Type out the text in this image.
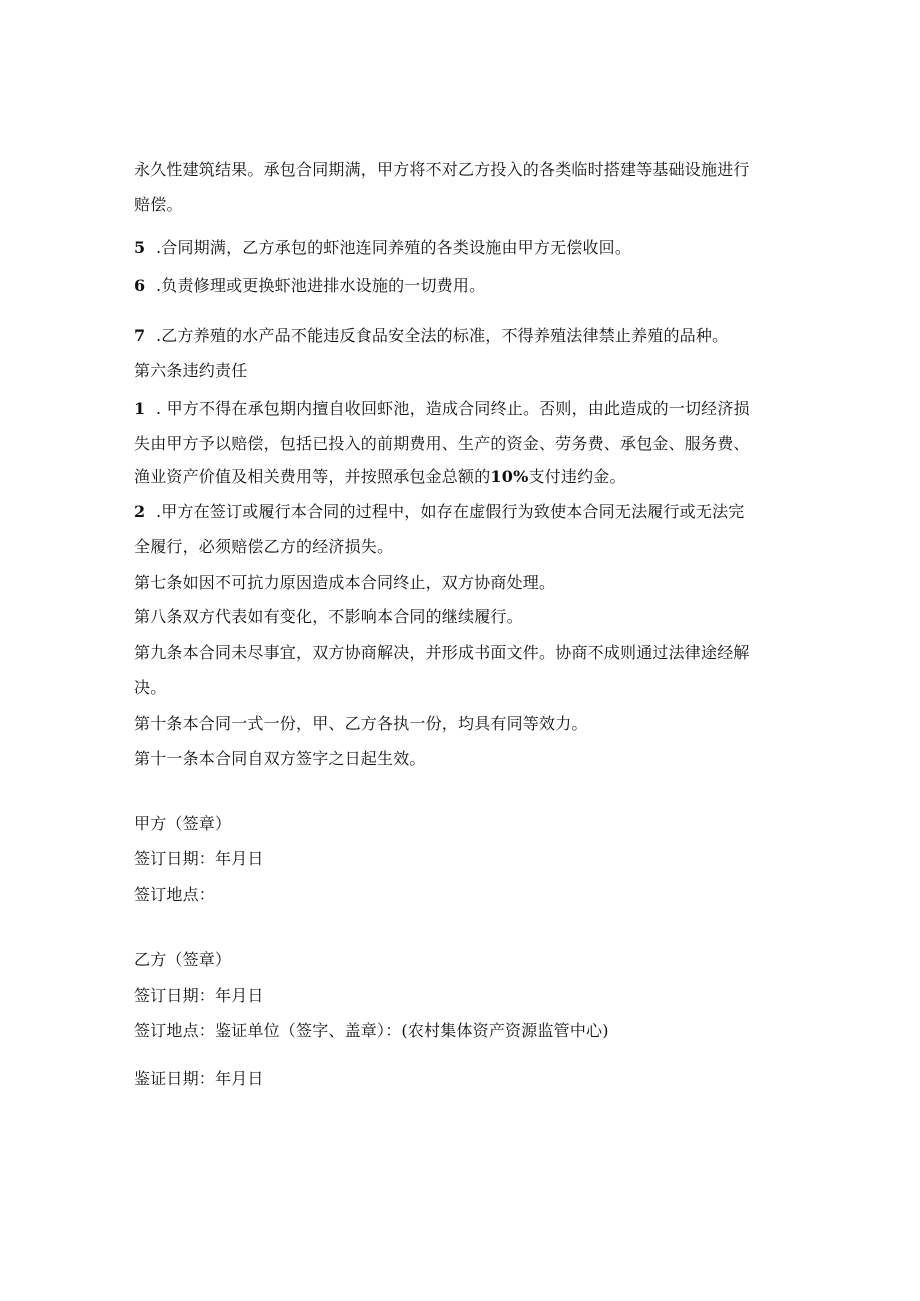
永久性建筑结果。承包合同期满，甲方将不对乙方投入的各类临时搭建等基础设施进行
赔偿。
5 .合同期满，乙方承包的虾池连同养殖的各类设施由甲方无偿收回。
6 .负责修理或更换虾池进排水设施的一切费用。
7 .乙方养殖的水产品不能违反食品安全法的标准，不得养殖法律禁止养殖的品种。
第六条违约责任
1 . 甲方不得在承包期内擅自收回虾池，造成合同终止。否则，由此造成的一切经济损
失由甲方予以赔偿，包括已投入的前期费用、生产的资金、劳务费、承包金、服务费、
渔业资产价值及相关费用等，并按照承包金总额的10%支付违约金。
2 .甲方在签订或履行本合同的过程中，如存在虚假行为致使本合同无法履行或无法完
全履行，必须赔偿乙方的经济损失。
第七条如因不可抗力原因造成本合同终止，双方协商处理。
第八条双方代表如有变化，不影响本合同的继续履行。
第九条本合同未尽事宜，双方协商解决，并形成书面文件。协商不成则通过法律途经解
决。
第十条本合同一式一份，甲、乙方各执一份，均具有同等效力。
第十一条本合同自双方签字之日起生效。
甲方（签章）
签订日期：年月日
签订地点：
乙方（签章）
签订日期：年月日
签订地点：鉴证单位（签字、盖章）：(农村集体资产资源监管中心)
鉴证日期：年月日
